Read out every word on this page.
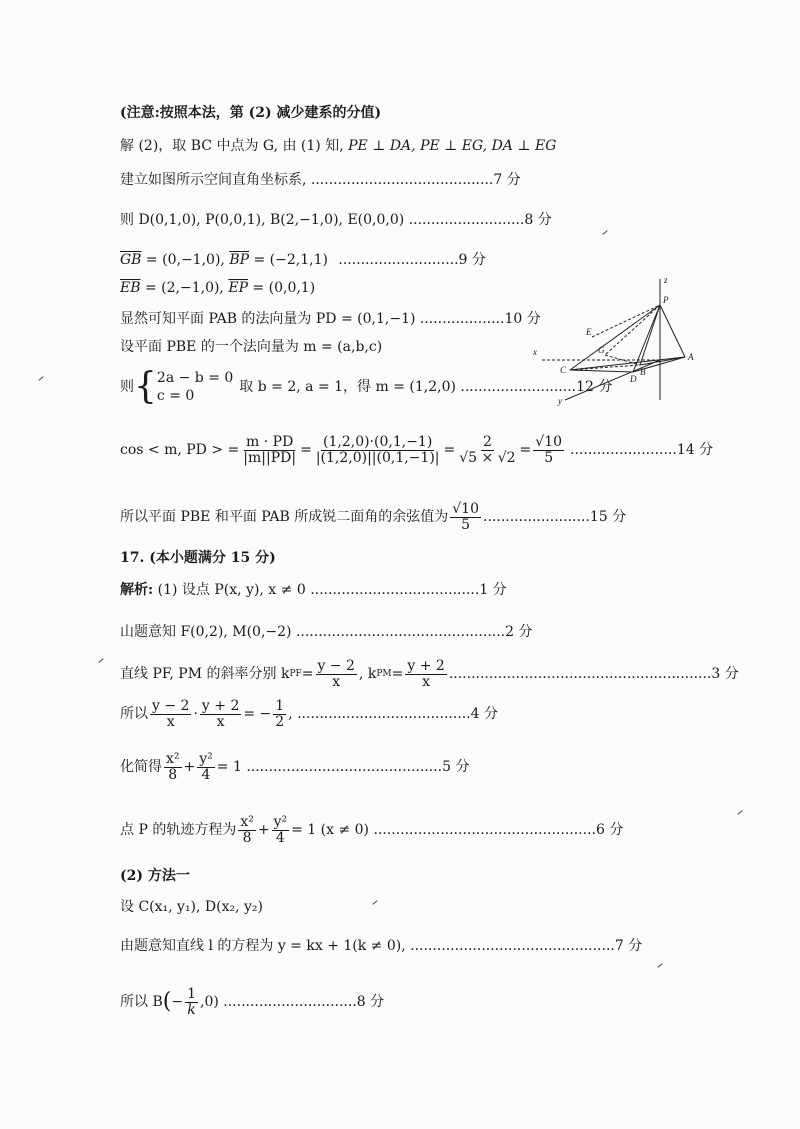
(注意:按照本法，第 (2) 减少建系的分值)
解 (2)，取 BC 中点为 G, 由 (1) 知, PE ⊥ DA, PE ⊥ EG, DA ⊥ EG
建立如图所示空间直角坐标系, .........................................7 分
则 D(0,1,0), P(0,0,1), B(2,−1,0), E(0,0,0) ..........................8 分
$\overline{GB} = (0,-1,0)$, $\overline{BP} = (-2,1,1)$ ...........................9 分
$\overline{EB} = (2,-1,0)$, $\overline{EP} = (0,0,1)$
显然可知平面 PAB 的法向量为 PD = (0,1,−1) ...................10 分
设平面 PBE 的一个法向量为 m = (a,b,c)
则 { 2a − b = 0
c = 0
取 b = 2, a = 1，得 m = (1,2,0) ..........................12 分
cos < m, PD > = $\frac{m \cdot PD}{|m||PD|} = \frac{(1,2,0)\cdot(0,1,-1)}{|(1,2,0)||(0,1,-1)|} = \frac{2}{√5 \times √2} = \frac{√10}{5} ........................14$ 分
所以平面 PBE 和平面 PAB 所成锐二面角的余弦值为 $\frac{√10}{5} ........................15$ 分
17. (本小题满分 15 分)
解析: (1) 设点 P(x, y), x ≠ 0 ......................................1 分
山题意知 F(0,2), M(0,−2) ...............................................2 分
直线 PF, PM 的斜率分别 k PF = $\frac{y - 2}{x}$ , k PM = $\frac{y + 2}{x} ...........................................................3$ 分
所以 $\frac{y - 2}{x} \cdot \frac{y + 2}{x}$ = − $\frac{1}{2}$ , .......................................4 分
化简得 $\frac{\text{x²}}{8} + \frac{\text{y²}}{4} = 1$ ............................................5 分
点 P 的轨迹方程为 $\frac{\text{x²}}{8} + \frac{\text{y²}}{4} = 1$ (x ≠ 0) ..................................................6 分
(2) 方法一
设 C(x₁, y₁), D(x₂, y₂)
由题意知直线 l 的方程为 y = kx + 1(k ≠ 0), ..............................................7 分
所以 B ( − $\frac{1}{k} ,0$) ..............................8 分
z
x
y
P
A
B
C
D
E
G
